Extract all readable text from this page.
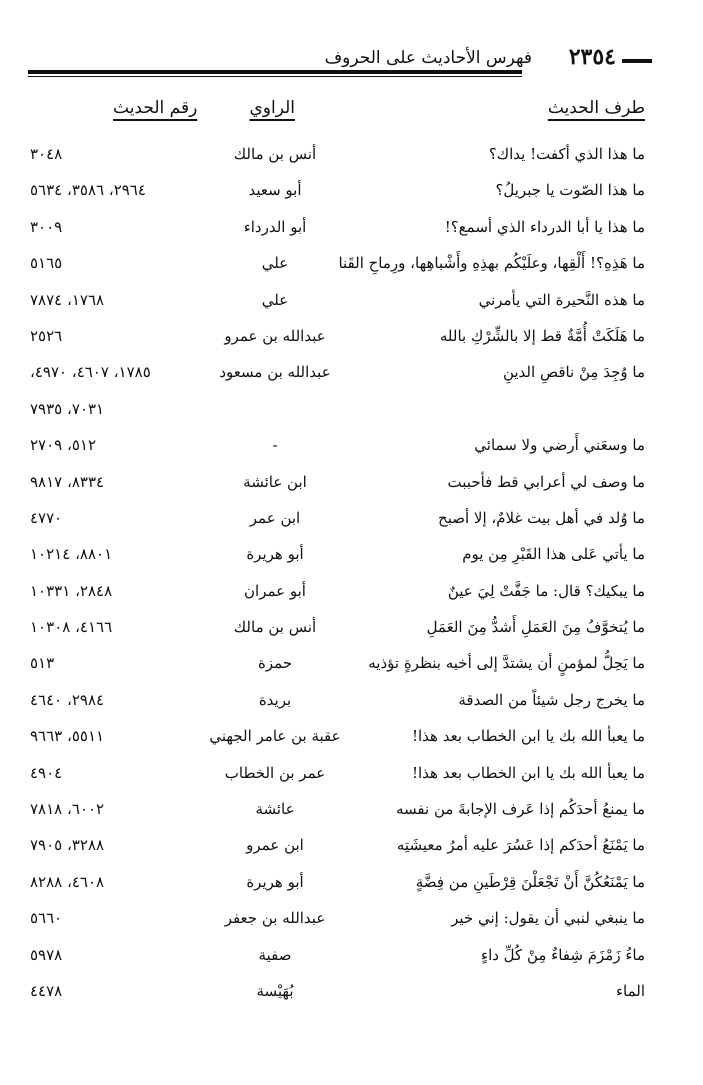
فهرس الأحاديث على الحروف ٢٣٥٤
طرف الحديث
الراوي
رقم الحديث
ما هذا الذي أكفت! يداك؟
أنس بن مالك
٣٠٤٨
ما هذا الصّوت يا جبريلُ؟
أبو سعيد
٢٩٦٤، ٣٥٨٦، ٥٦٣٤
ما هذا يا أبا الدرداء الذي أسمع؟!
أبو الدرداء
٣٠٠٩
ما هَذِهِ؟! أَلْقِها، وعلَيْكُم بهذِهِ وأَشْباهِها، ورِماحِ القَنا
علي
٥١٦٥
ما هذه النَّحيرة التي يأمرني
علي
١٧٦٨، ٧٨٧٤
ما هَلَكَتْ أُمَّةٌ قط إلا بالشِّرْكِ بالله
عبدالله بن عمرو
٢٥٢٦
ما وُجِدَ مِنْ ناقصِ الدينِ
عبدالله بن مسعود
١٧٨٥، ٤٦٠٧، ٤٩٧٠،
٧٠٣١، ٧٩٣٥
ما وسعَني أَرضي ولا سمائي
-
٥١٢، ٢٧٠٩
ما وصف لي أعرابي قط فأحببت
ابن عائشة
٨٣٣٤، ٩٨١٧
ما وُلد في أهل بيت غلامٌ، إلا أصبح
ابن عمر
٤٧٧٠
ما يأتي عَلى هذا القَبْرِ مِن يوم
أبو هريرة
٨٨٠١، ١٠٢١٤
ما يبكيك؟ قال: ما جَفَّتْ لِيَ عينٌ
أبو عمران
٢٨٤٨، ١٠٣٣١
ما يُتخوَّفُ مِنَ العَمَلِ أَشدُّ مِنَ العَمَلِ
أنس بن مالك
٤١٦٦، ١٠٣٠٨
ما يَحِلُّ لمؤمنٍ أن يشتدَّ إلى أخيه بنظرةٍ تؤذيه
حمزة
٥١٣
ما يخرج رجل شيئاً من الصدقة
بريدة
٢٩٨٤، ٤٦٤٠
ما يعبأ الله بك يا ابن الخطاب بعد هذا!
عقبة بن عامر الجهني
٥٥١١، ٩٦٦٣
ما يعبأ الله بك يا ابن الخطاب بعد هذا!
عمر بن الخطاب
٤٩٠٤
ما يمنعُ أحدَكُم إذا عَرف الإجابةَ من نفسه
عائشة
٦٠٠٢، ٧٨١٨
ما يَمْنَعُ أحدَكم إذا عَسُرَ عليه أمرُ معيشَتِه
ابن عمرو
٣٢٨٨، ٧٩٠٥
ما يَمْنَعُكُنَّ أَنْ تَجْعَلْنَ قِرْطَينِ من فِضَّةٍ
أبو هريرة
٤٦٠٨، ٨٢٨٨
ما ينبغي لنبي أن يقول: إني خير
عبدالله بن جعفر
٥٦٦٠
ماءُ زَمْزَمَ شِفاءٌ مِنْ كُلِّ داءٍ
صفية
٥٩٧٨
الماء
بُهَيْسة
٤٤٧٨
